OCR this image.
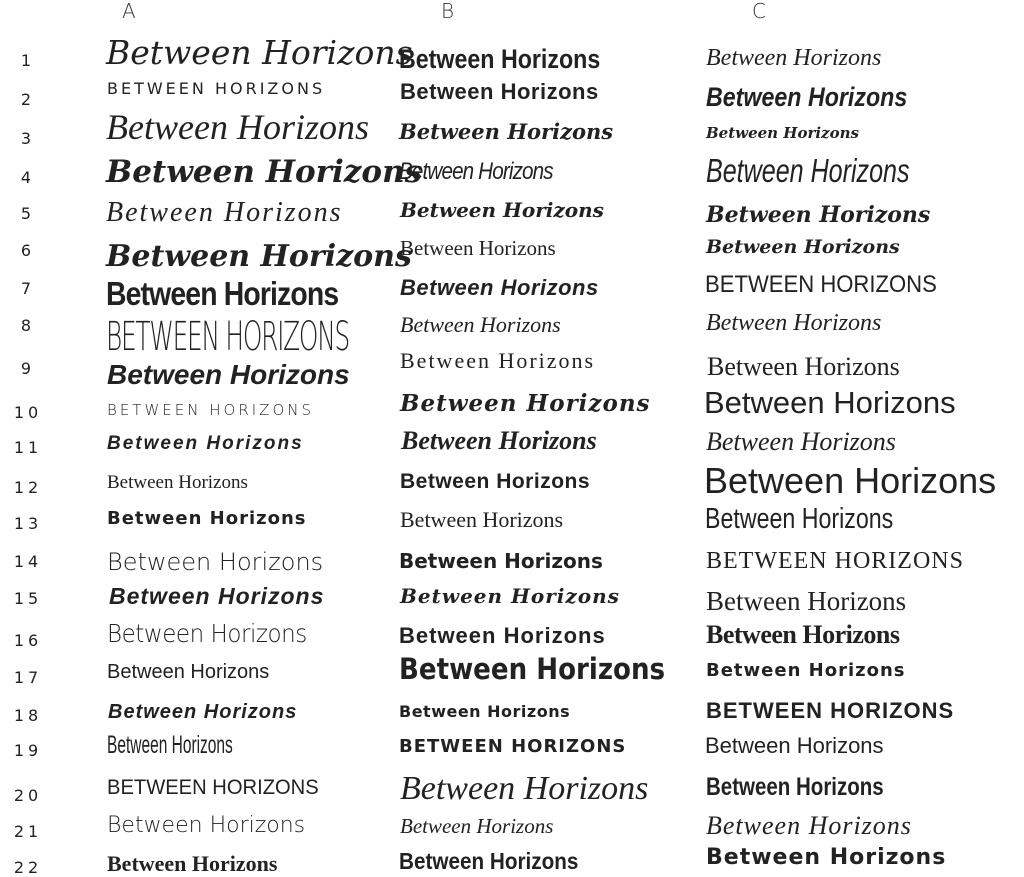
A	B	C
1
2
3
4
5
6
7
8
9
10
11
12
13
14
15
16
17
18
19
20
21
22
Between Horizons
BETWEEN HORIZONS
Between Horizons
Between Horizons
Between Horizons
Between Horizons
Between Horizons
BETWEEN HORIZONS
Between Horizons
BETWEEN HORIZONS
Between Horizons
Between Horizons
Between Horizons
Between Horizons
Between Horizons
Between Horizons
Between Horizons
Between Horizons
Between Horizons
BETWEEN HORIZONS
Between Horizons
Between Horizons
Between Horizons
Between Horizons
Between Horizons
Between Horizons
Between Horizons
Between Horizons
Between Horizons
Between Horizons
Between Horizons
Between Horizons
Between Horizons
Between Horizons
Between Horizons
Between Horizons
Between Horizons
Between Horizons
Between Horizons
Between Horizons
BETWEEN HORIZONS
Between Horizons
Between Horizons
Between Horizons
Between Horizons
Between Horizons
Between Horizons
Between Horizons
Between Horizons
Between Horizons
BETWEEN HORIZONS
Between Horizons
Between Horizons
Between Horizons
Between Horizons
Between Horizons
Between Horizons
BETWEEN HORIZONS
Between Horizons
Between Horizons
Between Horizons
BETWEEN HORIZONS
Between Horizons
Between Horizons
Between Horizons
Between Horizons
